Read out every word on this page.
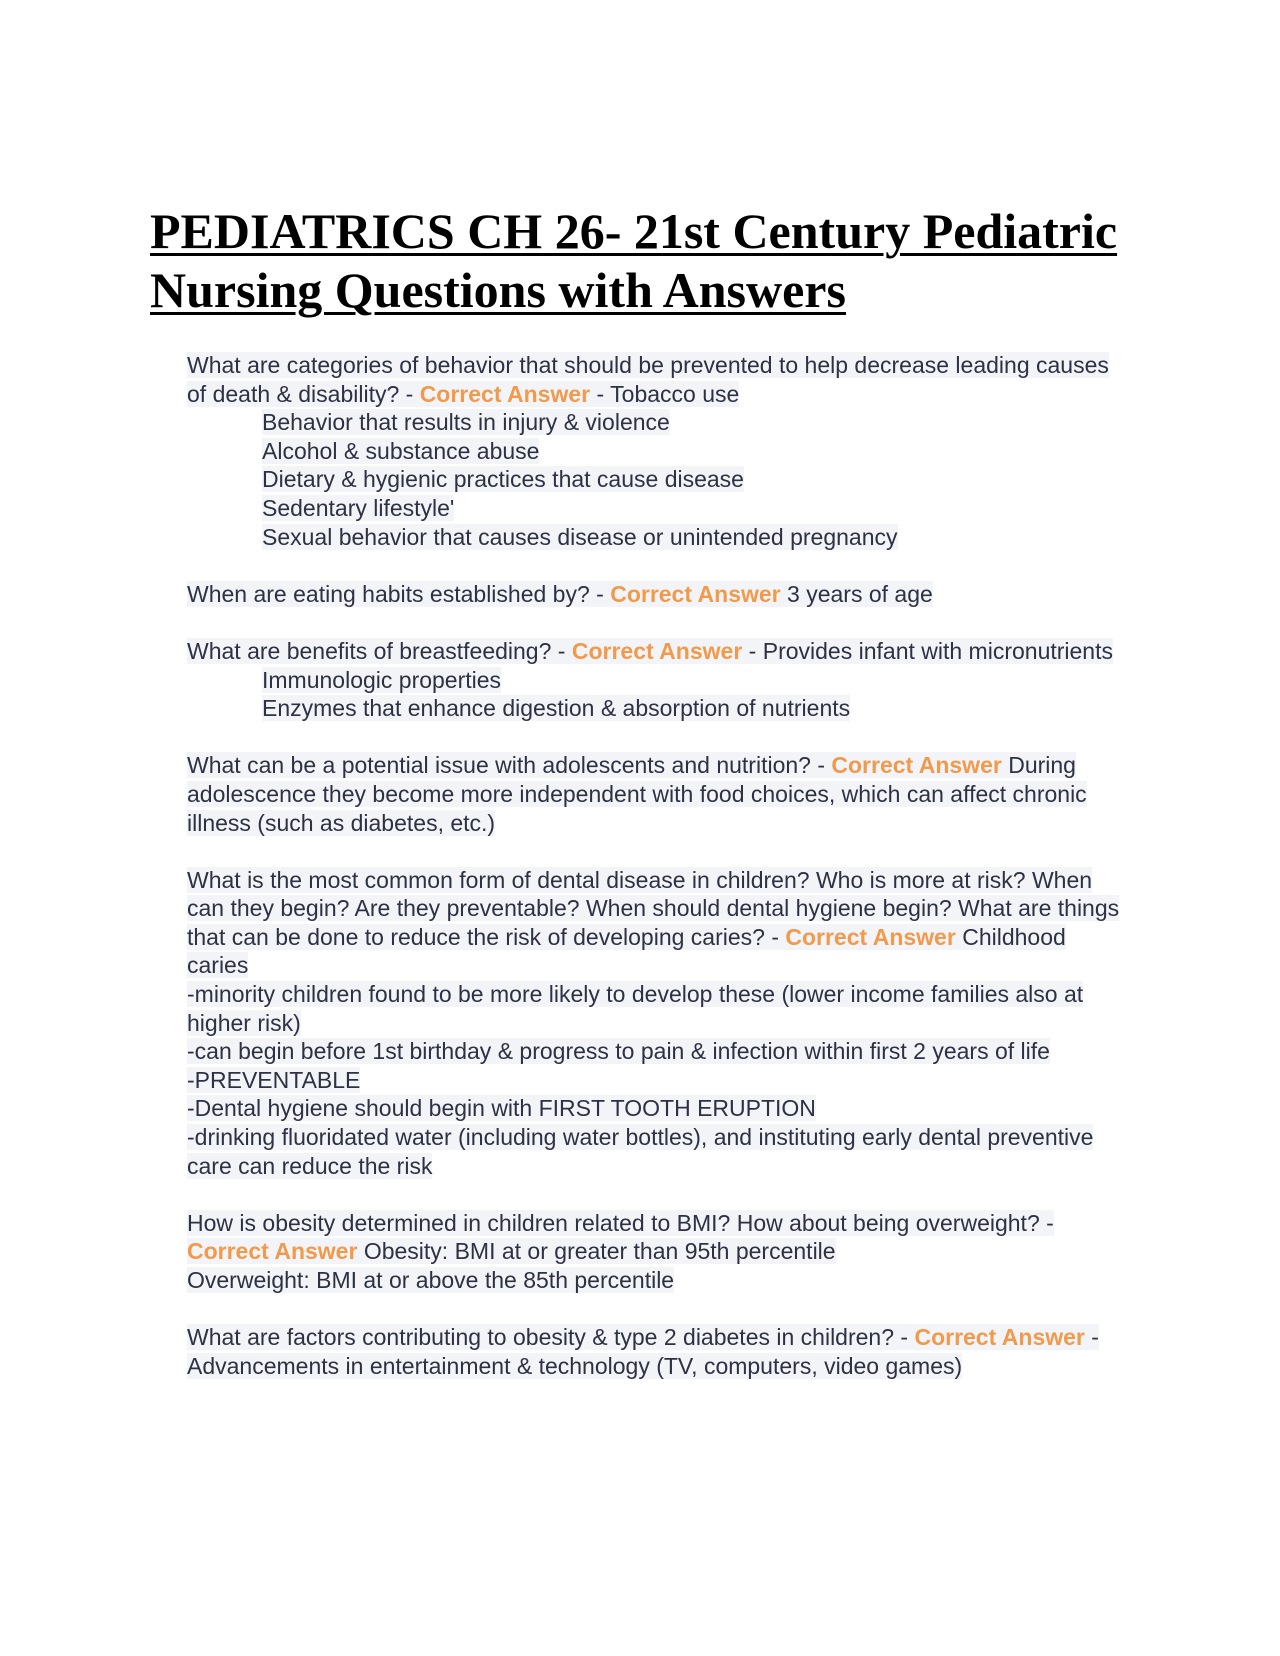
PEDIATRICS CH 26- 21st Century Pediatric Nursing Questions with Answers
What are categories of behavior that should be prevented to help decrease leading causes of death & disability? - Correct Answer - Tobacco use
Behavior that results in injury & violence
Alcohol & substance abuse
Dietary & hygienic practices that cause disease
Sedentary lifestyle'
Sexual behavior that causes disease or unintended pregnancy
When are eating habits established by? - Correct Answer 3 years of age
What are benefits of breastfeeding? - Correct Answer - Provides infant with micronutrients
Immunologic properties
Enzymes that enhance digestion & absorption of nutrients
What can be a potential issue with adolescents and nutrition? - Correct Answer During adolescence they become more independent with food choices, which can affect chronic illness (such as diabetes, etc.)
What is the most common form of dental disease in children? Who is more at risk? When can they begin? Are they preventable? When should dental hygiene begin? What are things that can be done to reduce the risk of developing caries? - Correct Answer Childhood caries
-minority children found to be more likely to develop these (lower income families also at higher risk)
-can begin before 1st birthday & progress to pain & infection within first 2 years of life
-PREVENTABLE
-Dental hygiene should begin with FIRST TOOTH ERUPTION
-drinking fluoridated water (including water bottles), and instituting early dental preventive care can reduce the risk
How is obesity determined in children related to BMI? How about being overweight? - Correct Answer Obesity: BMI at or greater than 95th percentile
Overweight: BMI at or above the 85th percentile
What are factors contributing to obesity & type 2 diabetes in children? - Correct Answer -Advancements in entertainment & technology (TV, computers, video games)
